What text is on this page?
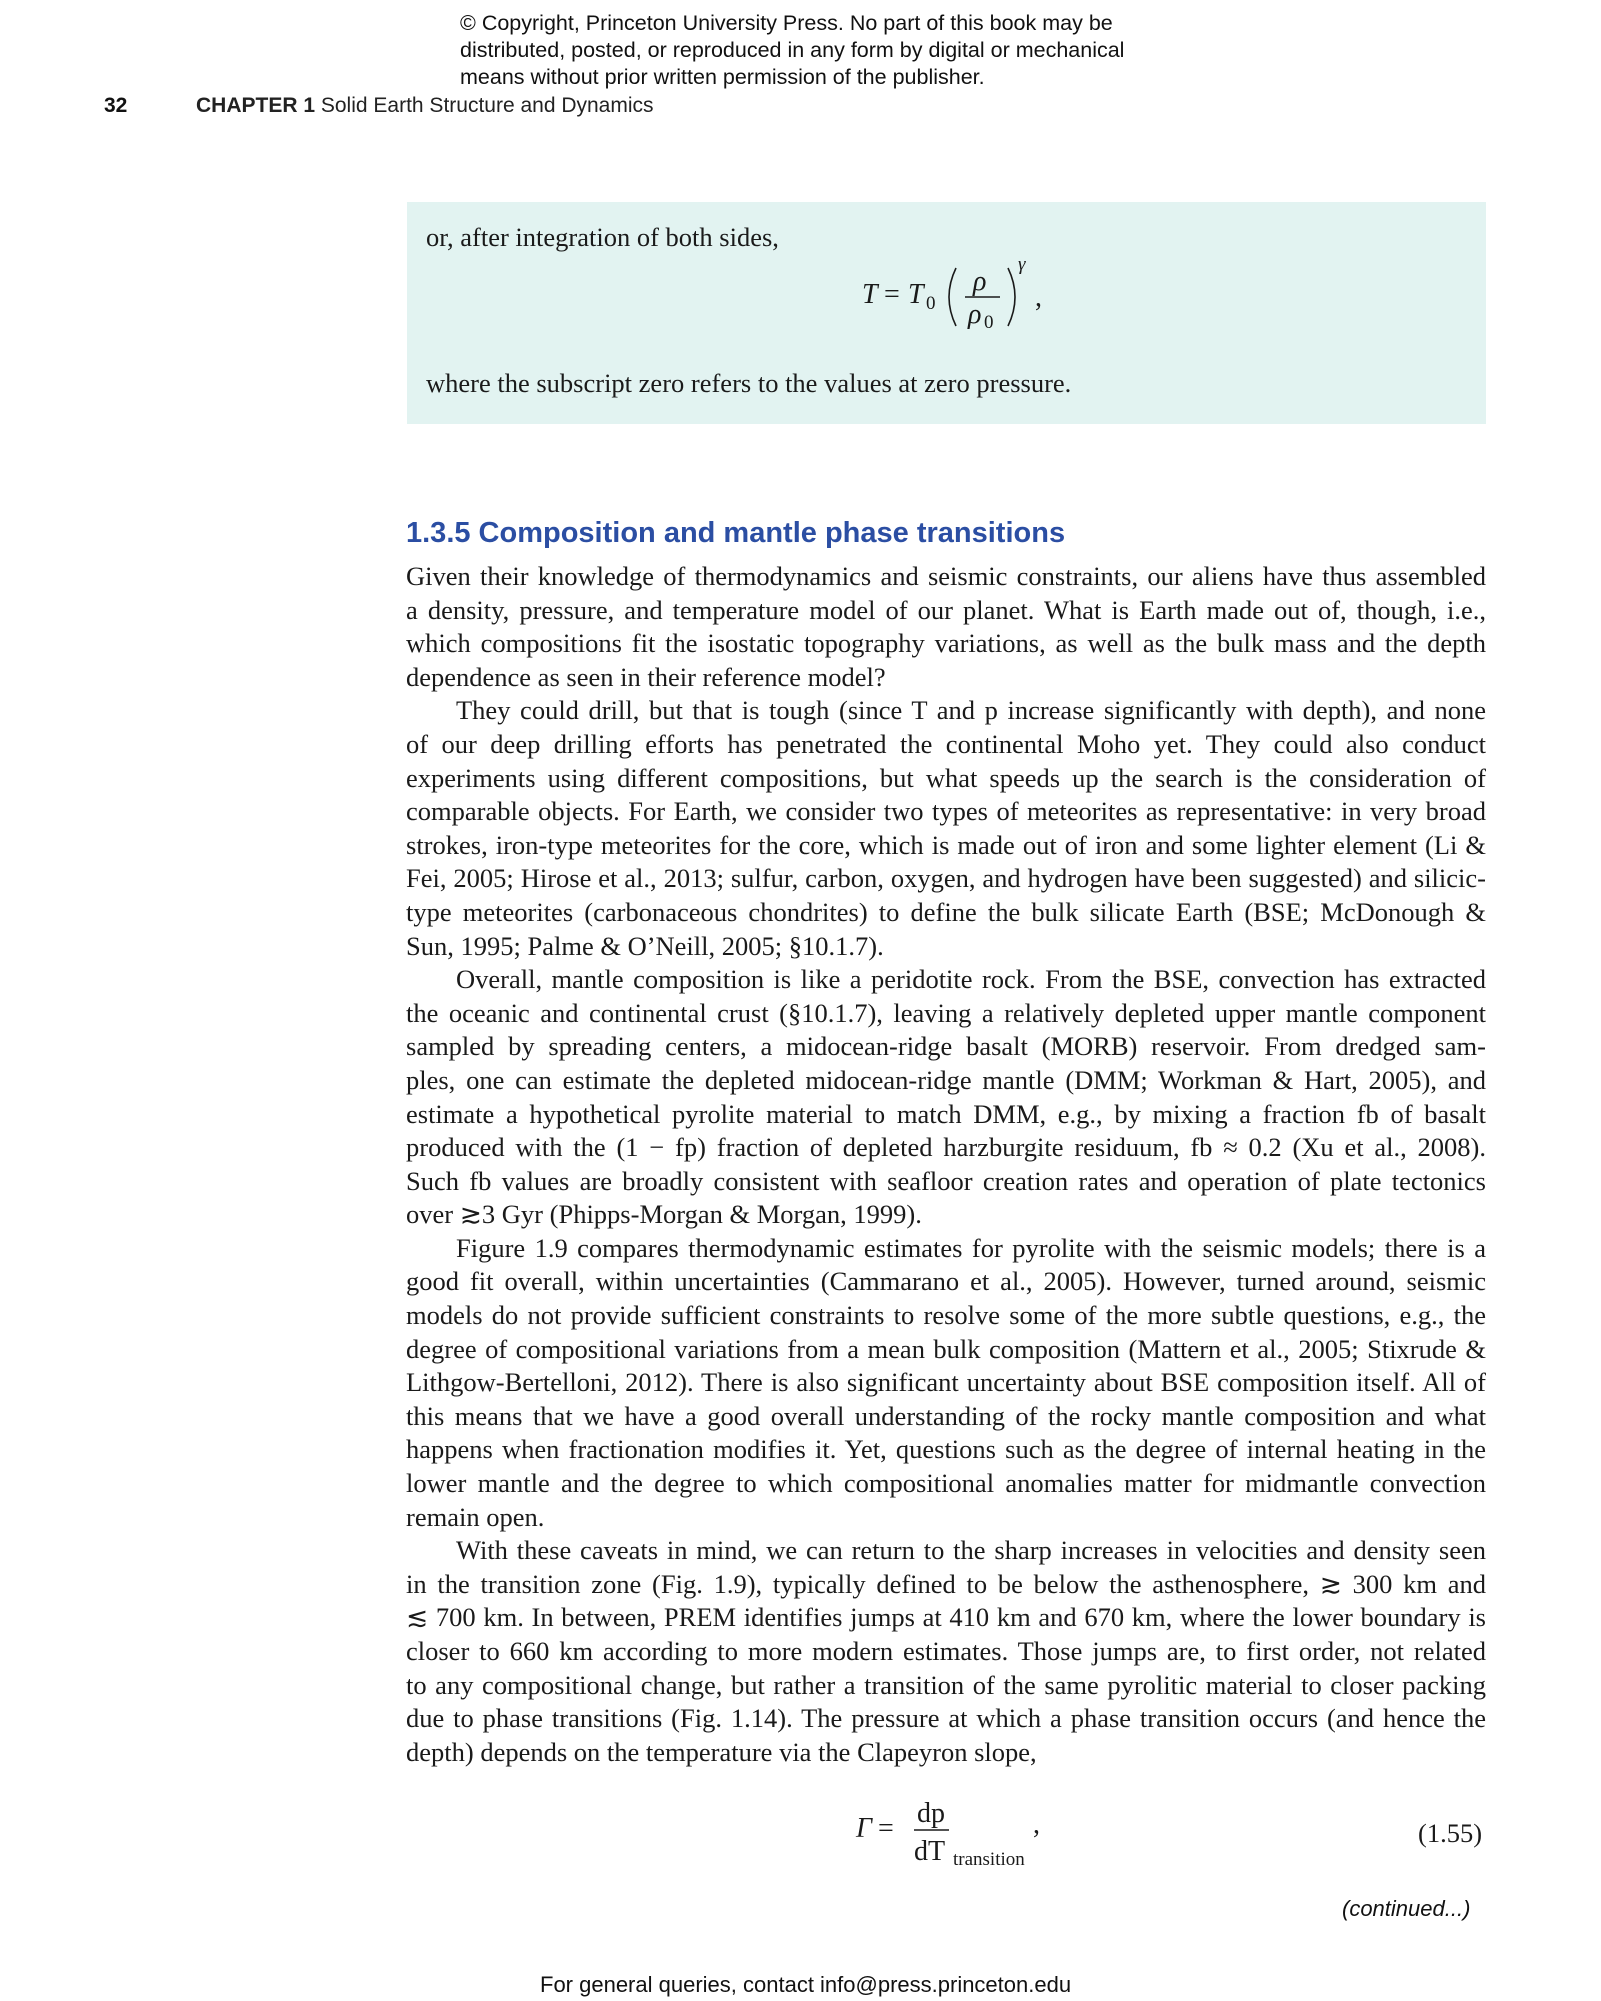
© Copyright, Princeton University Press. No part of this book may be
distributed, posted, or reproduced in any form by digital or mechanical
means without prior written permission of the publisher.
32	CHAPTER 1 Solid Earth Structure and Dynamics
or, after integration of both sides,
T = T 0
ρ
ρ 0
γ
,
where the subscript zero refers to the values at zero pressure.
1.3.5 Composition and mantle phase transitions
Given their knowledge of thermodynamics and seismic constraints, our aliens have thus assembled
a density, pressure, and temperature model of our planet. What is Earth made out of, though, i.e.,
which compositions fit the isostatic topography variations, as well as the bulk mass and the depth
dependence as seen in their reference model?
They could drill, but that is tough (since T and p increase significantly with depth), and none
of our deep drilling efforts has penetrated the continental Moho yet. They could also conduct
experiments using different compositions, but what speeds up the search is the consideration of
comparable objects. For Earth, we consider two types of meteorites as representative: in very broad
strokes, iron-type meteorites for the core, which is made out of iron and some lighter element (Li &
Fei, 2005; Hirose et al., 2013; sulfur, carbon, oxygen, and hydrogen have been suggested) and silicic-
type meteorites (carbonaceous chondrites) to define the bulk silicate Earth (BSE; McDonough &
Sun, 1995; Palme & O’Neill, 2005; §10.1.7).
Overall, mantle composition is like a peridotite rock. From the BSE, convection has extracted
the oceanic and continental crust (§10.1.7), leaving a relatively depleted upper mantle component
sampled by spreading centers, a midocean-ridge basalt (MORB) reservoir. From dredged sam-
ples, one can estimate the depleted midocean-ridge mantle (DMM; Workman & Hart, 2005), and
estimate a hypothetical pyrolite material to match DMM, e.g., by mixing a fraction fb of basalt
produced with the (1 − fp) fraction of depleted harzburgite residuum, fb ≈ 0.2 (Xu et al., 2008).
Such fb values are broadly consistent with seafloor creation rates and operation of plate tectonics
over ≳3 Gyr (Phipps-Morgan & Morgan, 1999).
Figure 1.9 compares thermodynamic estimates for pyrolite with the seismic models; there is a
good fit overall, within uncertainties (Cammarano et al., 2005). However, turned around, seismic
models do not provide sufficient constraints to resolve some of the more subtle questions, e.g., the
degree of compositional variations from a mean bulk composition (Mattern et al., 2005; Stixrude &
Lithgow-Bertelloni, 2012). There is also significant uncertainty about BSE composition itself. All of
this means that we have a good overall understanding of the rocky mantle composition and what
happens when fractionation modifies it. Yet, questions such as the degree of internal heating in the
lower mantle and the degree to which compositional anomalies matter for midmantle convection
remain open.
With these caveats in mind, we can return to the sharp increases in velocities and density seen
in the transition zone (Fig. 1.9), typically defined to be below the asthenosphere, ≳ 300 km and
≲ 700 km. In between, PREM identifies jumps at 410 km and 670 km, where the lower boundary is
closer to 660 km according to more modern estimates. Those jumps are, to first order, not related
to any compositional change, but rather a transition of the same pyrolitic material to closer packing
due to phase transitions (Fig. 1.14). The pressure at which a phase transition occurs (and hence the
depth) depends on the temperature via the Clapeyron slope,
Γ = dp
dT transition
,	(1.55)
(continued...)
For general queries, contact info@press.princeton.edu
